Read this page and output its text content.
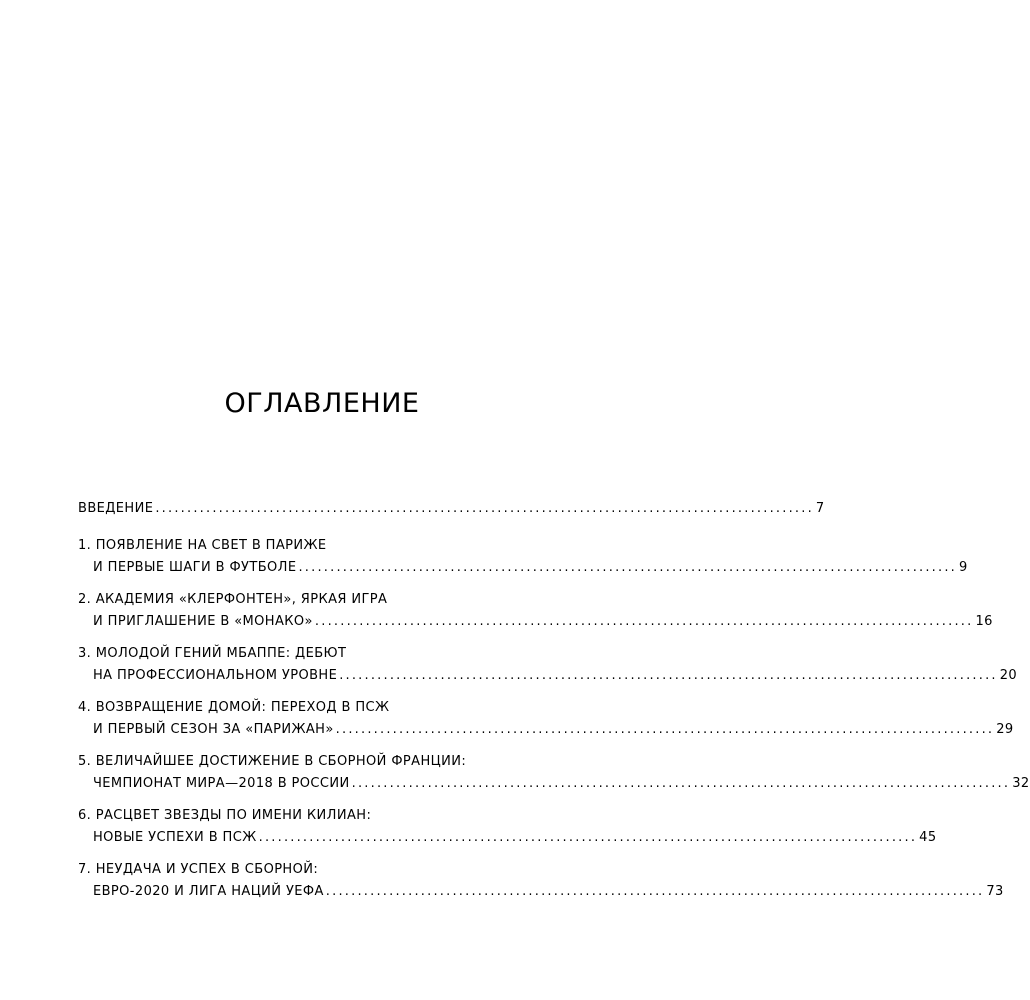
ОГЛАВЛЕНИЕ
ВВЕДЕНИЕ ........................................................................................................ 7
1. ПОЯВЛЕНИЕ НА СВЕТ В ПАРИЖЕ
И ПЕРВЫЕ ШАГИ В ФУТБОЛЕ ........................................................................................................ 9
2. АКАДЕМИЯ «КЛЕРФОНТЕН», ЯРКАЯ ИГРА
И ПРИГЛАШЕНИЕ В «МОНАКО» ........................................................................................................ 16
3. МОЛОДОЙ ГЕНИЙ МБАППЕ: ДЕБЮТ
НА ПРОФЕССИОНАЛЬНОМ УРОВНЕ ........................................................................................................ 20
4. ВОЗВРАЩЕНИЕ ДОМОЙ: ПЕРЕХОД В ПСЖ
И ПЕРВЫЙ СЕЗОН ЗА «ПАРИЖАН» ........................................................................................................ 29
5. ВЕЛИЧАЙШЕЕ ДОСТИЖЕНИЕ В СБОРНОЙ ФРАНЦИИ:
ЧЕМПИОНАТ МИРА—2018 В РОССИИ ........................................................................................................ 32
6. РАСЦВЕТ ЗВЕЗДЫ ПО ИМЕНИ КИЛИАН:
НОВЫЕ УСПЕХИ В ПСЖ ........................................................................................................ 45
7. НЕУДАЧА И УСПЕХ В СБОРНОЙ:
ЕВРО-2020 И ЛИГА НАЦИЙ УЕФА ........................................................................................................ 73
